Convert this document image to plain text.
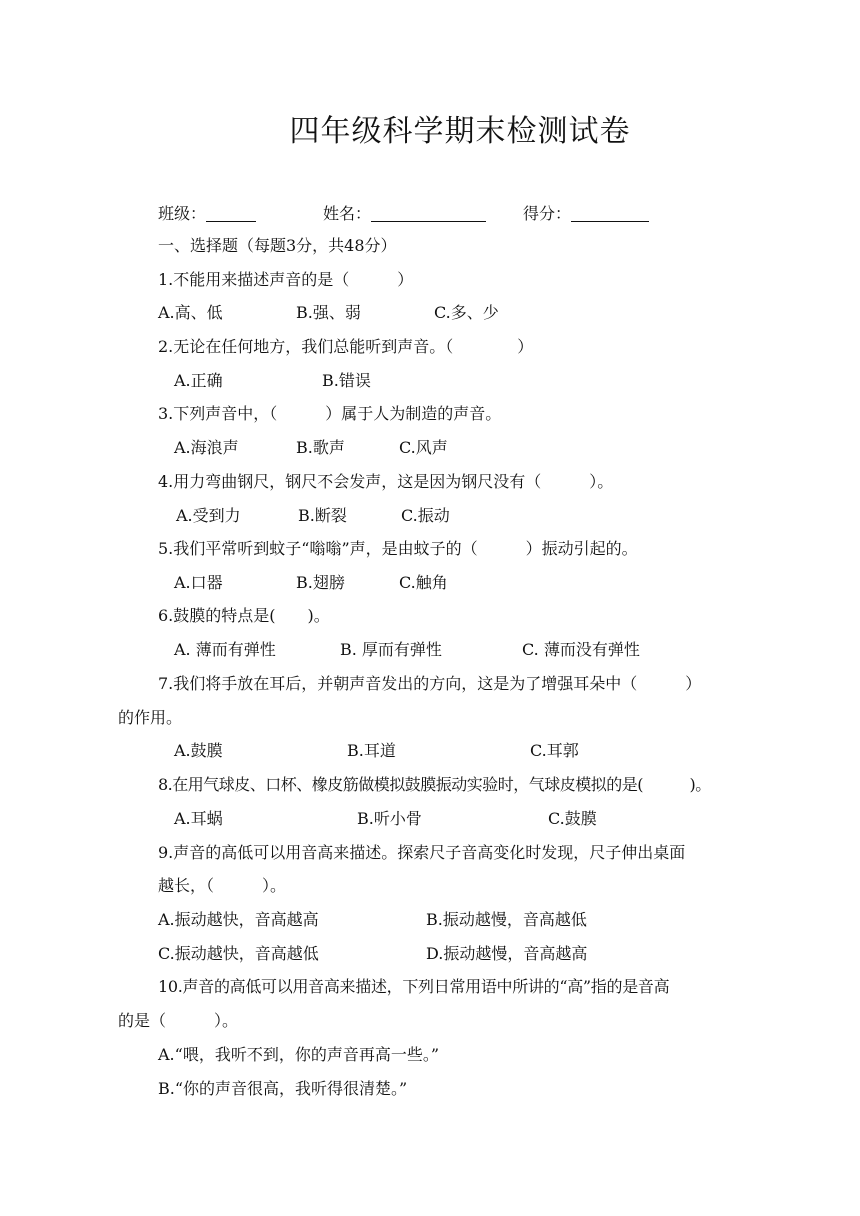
四年级科学期末检测试卷
班级：	姓名：	得分：
一、选择题（每题3分，共48分）
1.不能用来描述声音的是（　　　）
A.高、低	B.强、弱	C.多、少
2.无论在任何地方，我们总能听到声音。（　　　　）
A.正确	B.错误
3.下列声音中，（　　　）属于人为制造的声音。
A.海浪声	B.歌声	C.风声
4.用力弯曲钢尺，钢尺不会发声，这是因为钢尺没有（　　　）。
A.受到力	B.断裂	C.振动
5.我们平常听到蚊子“嗡嗡”声，是由蚊子的（　　　）振动引起的。
A.口器	B.翅膀	C.触角
6.鼓膜的特点是(　　)。
A. 薄而有弹性	B. 厚而有弹性	C. 薄而没有弹性
7.我们将手放在耳后，并朝声音发出的方向，这是为了增强耳朵中（　　　）
的作用。
A.鼓膜	B.耳道	C.耳郭
8.在用气球皮、口杯、橡皮筋做模拟鼓膜振动实验时，气球皮模拟的是(　　　)。
A.耳蜗	B.听小骨	C.鼓膜
9.声音的高低可以用音高来描述。探索尺子音高变化时发现，尺子伸出桌面
越长，（　　　）。
A.振动越快，音高越高	B.振动越慢，音高越低
C.振动越快，音高越低	D.振动越慢，音高越高
10.声音的高低可以用音高来描述，下列日常用语中所讲的“高”指的是音高
的是（　　　）。
A.“喂，我听不到，你的声音再高一些。”
B.“你的声音很高，我听得很清楚。”
